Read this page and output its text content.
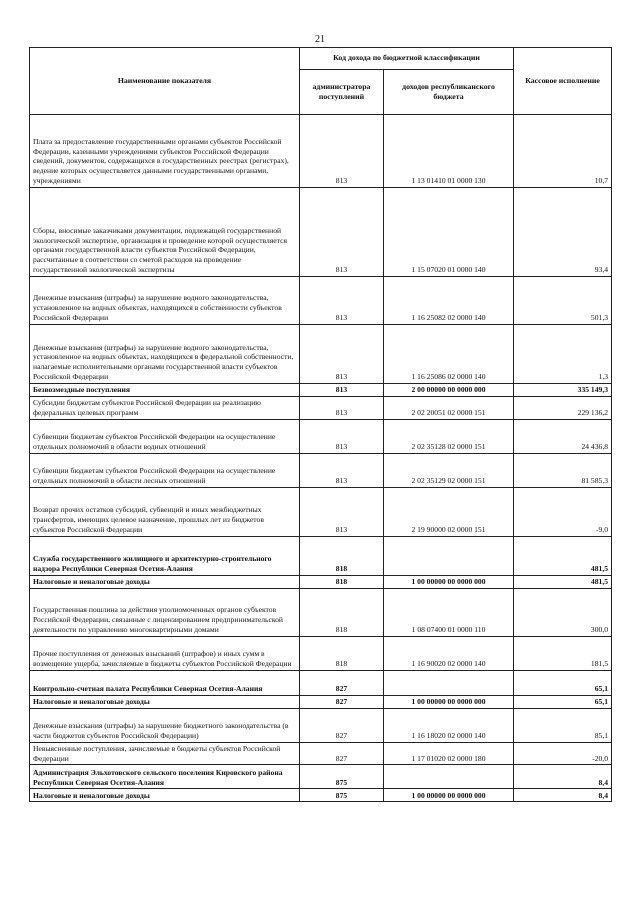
21
Наименование показателя	Код дохода по бюджетной классификации		Кассовое исполнение
	администратора поступлений	доходов республиканского бюджета	
Плата за предоставление государственными органами субъектов Российской Федерации, казенными учреждениями субъектов Российской Федерации сведений, документов, содержащихся в государственных реестрах (регистрах), ведение которых осуществляется данными государственными органами, учреждениями	813	1 13 01410 01 0000 130	10,7
Сборы, вносимые заказчиками документации, подлежащей государственной экологической экспертизе, организация и проведение которой осуществляется органами государственной власти субъектов Российской Федерации, рассчитанные в соответствии со сметой расходов на проведение государственной экологической экспертизы	813	1 15 07020 01 0000 140	93,4
Денежные взыскания (штрафы) за нарушение водного законодательства, установленное на водных объектах, находящихся в собственности субъектов Российской Федерации	813	1 16 25082 02 0000 140	501,3
Денежные взыскания (штрафы) за нарушение водного законодательства, установленное на водных объектах, находящихся в федеральной собственности, налагаемые исполнительными органами государственной власти субъектов Российской Федерации	813	1 16 25086 02 0000 140	1,3
Безвозмездные поступления	813	2 00 00000 00 0000 000	335 149,3
Субсидии бюджетам субъектов Российской Федерации на реализацию федеральных целевых программ	813	2 02 20051 02 0000 151	229 136,2
Субвенции бюджетам субъектов Российской Федерации на осуществление отдельных полномочий в области водных отношений	813	2 02 35128 02 0000 151	24 436,8
Субвенции бюджетам субъектов Российской Федерации на осуществление отдельных полномочий в области лесных отношений	813	2 02 35129 02 0000 151	81 585,3
Возврат прочих остатков субсидий, субвенций и иных межбюджетных трансфертов, имеющих целевое назначение, прошлых лет из бюджетов субъектов Российской Федерации	813	2 19 90000 02 0000 151	-9,0
Служба государственного жилищного и архитектурно-строительного надзора Республики Северная Осетия-Алания	818		481,5
Налоговые и неналоговые доходы	818	1 00 00000 00 0000 000	481,5
Государственная пошлина за действия уполномоченных органов субъектов Российской Федерации, связанные с лицензированием предпринимательской деятельности по управлению многоквартирными домами	818	1 08 07400 01 0000 110	300,0
Прочие поступления от денежных взысканий (штрафов) и иных сумм в возмещение ущерба, зачисляемые в бюджеты субъектов Российской Федерации	818	1 16 90020 02 0000 140	181,5
Контрольно-счетная палата Республики Северная Осетия-Алания	827		65,1
Налоговые и неналоговые доходы	827	1 00 00000 00 0000 000	65,1
Денежные взыскания (штрафы) за нарушение бюджетного законодательства (в части бюджетов субъектов Российской Федерации)	827	1 16 18020 02 0000 140	85,1
Невыясненные поступления, зачисляемые в бюджеты субъектов Российской Федерации	827	1 17 01020 02 0000 180	-20,0
Администрация Эльхотовского сельского поселения Кировского района Республики Северная Осетия-Алания	875		8,4
Налоговые и неналоговые доходы	875	1 00 00000 00 0000 000	8,4
